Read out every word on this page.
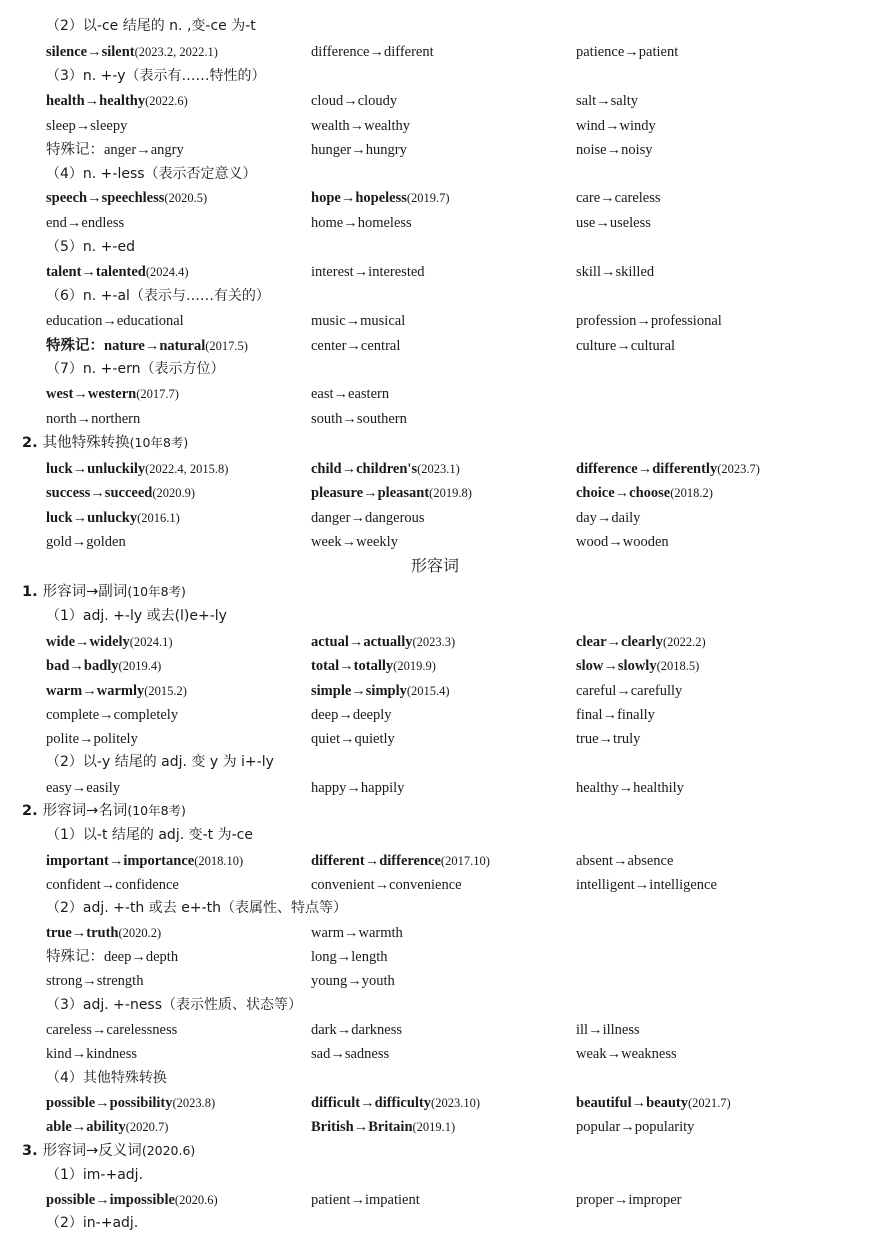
（2）以-ce 结尾的 n. ,变-ce 为-t
silence→silent(2023.2, 2022.1)	difference→different	patience→patient
（3）n. +-y（表示有……特性的）
health→healthy(2022.6)	cloud→cloudy	salt→salty
sleep→sleepy	wealth→wealthy	wind→windy
特殊记：anger→angry	hunger→hungry	noise→noisy
（4）n. +-less（表示否定意义）
speech→speechless(2020.5)	hope→hopeless(2019.7)	care→careless
end→endless	home→homeless	use→useless
（5）n. +-ed
talent→talented(2024.4)	interest→interested	skill→skilled
（6）n. +-al（表示与……有关的）
education→educational	music→musical	profession→professional
特殊记：nature→natural(2017.5)	center→central	culture→cultural
（7）n. +-ern（表示方位）
west→western(2017.7)	east→eastern
north→northern	south→southern
2. 其他特殊转换(10年8考)
luck→unluckily(2022.4, 2015.8)	child→children's(2023.1)	difference→differently(2023.7)
success→succeed(2020.9)	pleasure→pleasant(2019.8)	choice→choose(2018.2)
luck→unlucky(2016.1)	danger→dangerous	day→daily
gold→golden	week→weekly	wood→wooden
形容词
1. 形容词→副词(10年8考)
（1）adj. +-ly 或去(l)e+-ly
wide→widely(2024.1)	actual→actually(2023.3)	clear→clearly(2022.2)
bad→badly(2019.4)	total→totally(2019.9)	slow→slowly(2018.5)
warm→warmly(2015.2)	simple→simply(2015.4)	careful→carefully
complete→completely	deep→deeply	final→finally
polite→politely	quiet→quietly	true→truly
（2）以-y 结尾的 adj. 变 y 为 i+-ly
easy→easily	happy→happily	healthy→healthily
2. 形容词→名词(10年8考)
（1）以-t 结尾的 adj. 变-t 为-ce
important→importance(2018.10)	different→difference(2017.10)	absent→absence
confident→confidence	convenient→convenience	intelligent→intelligence
（2）adj. +-th 或去 e+-th（表属性、特点等）
true→truth(2020.2)	warm→warmth
特殊记：deep→depth	long→length
strong→strength	young→youth
（3）adj. +-ness（表示性质、状态等）
careless→carelessness	dark→darkness	ill→illness
kind→kindness	sad→sadness	weak→weakness
（4）其他特殊转换
possible→possibility(2023.8)	difficult→difficulty(2023.10)	beautiful→beauty(2021.7)
able→ability(2020.7)	British→Britain(2019.1)	popular→popularity
3. 形容词→反义词(2020.6)
（1）im-+adj.
possible→impossible(2020.6)	patient→impatient	proper→improper
（2）in-+adj.
